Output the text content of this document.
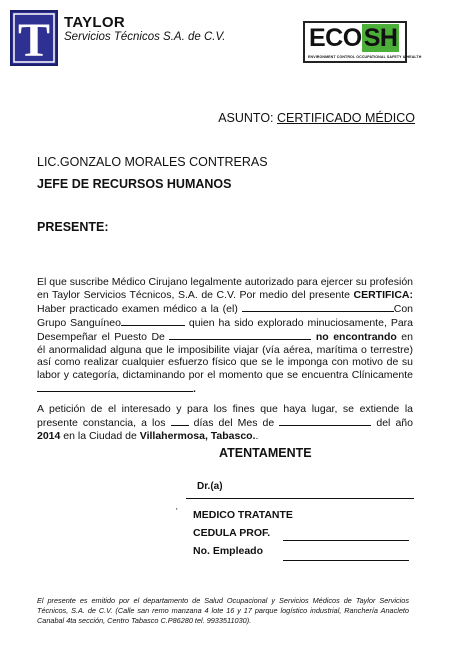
T TAYLOR
Servicios Técnicos S.A. de C.V.	ECOSH
ENVIRONMENT CONTROL OCCUPATIONAL SAFETY & HEALTH
ASUNTO: CERTIFICADO MÉDICO
LIC.GONZALO MORALES CONTRERAS
JEFE DE RECURSOS HUMANOS
PRESENTE:
El que suscribe Médico Cirujano legalmente autorizado para ejercer su profesión en Taylor Servicios Técnicos, S.A. de C.V. Por medio del presente CERTIFICA: Haber practicado examen médico a la (el)	Con Grupo Sanguíneo	quien ha sido explorado minuciosamente, Para Desempeñar el Puesto De	no encontrando en él anormalidad alguna que le imposibilite viajar (vía aérea, marítima o terrestre) así como realizar cualquier esfuerzo físico que se le imponga con motivo de su labor y categoría, dictaminando por el momento que se encuentra Clínicamente .
A petición de el interesado y para los fines que haya lugar, se extiende la presente constancia, a los  días del Mes de	del año 2014 en la Ciudad de Villahermosa, Tabasco..
ATENTAMENTE
Dr.(a)
' MEDICO TRATANTE
CEDULA PROF.
No. Empleado
El presente es emitido por el departamento de Salud Ocupacional y Servicios Médicos de Taylor Servicios Técnicos, S.A. de C.V. (Calle san remo manzana 4 lote 16 y 17 parque logístico industrial, Ranchería Anacleto Canabal 4ta sección, Centro Tabasco C.P86280 tel. 9933511030).
